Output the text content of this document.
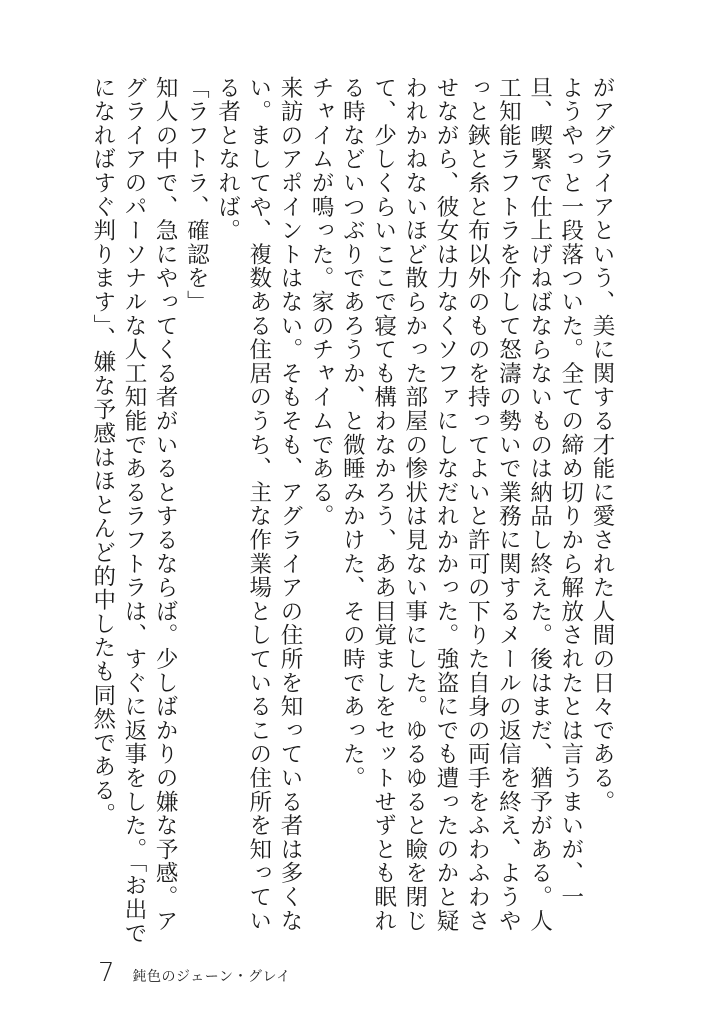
がアグライアという、美に関する才能に愛された人間の日々である。

ようやっと一段落ついた。全ての締め切りから解放されたとは言うまいが、一旦、喫緊で仕上げねばならないものは納品し終えた。後はまだ、猶予がある。人工知能ラフトラを介して怒濤の勢いで業務に関するメールの返信を終え、ようやっと鋏と糸と布以外のものを持ってよいと許可の下りた自身の両手をふわふわさせながら、彼女は力なくソファにしなだれかかった。強盗にでも遭ったのかと疑われかねないほど散らかった部屋の惨状は見ない事にした。ゆるゆると瞼を閉じて、少しくらいここで寝ても構わなかろう、ああ目覚ましをセットせずとも眠れる時などいつぶりであろうか、と微睡みかけた、その時であった。

チャイムが鳴った。家のチャイムである。

来訪のアポイントはない。そもそも、アグライアの住所を知っている者は多くない。ましてや、複数ある住居のうち、主な作業場としているこの住所を知っている者となれば。

「ラフトラ、確認を」

知人の中で、急にやってくる者がいるとするならば。少しばかりの嫌な予感。アグライアのパーソナルな人工知能であるラフトラは、すぐに返事をした。「お出でになればすぐ判ります」、嫌な予感はほとんど的中したも同然である。

7 鈍色のジェーン・グレイ
